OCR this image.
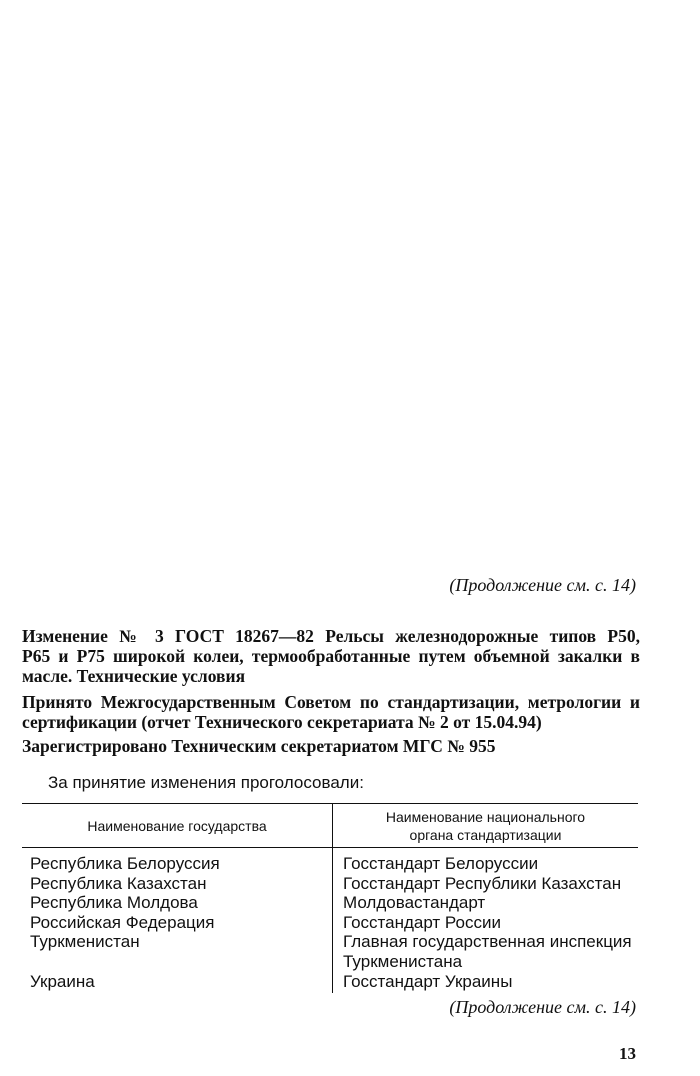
(Продолжение см. с. 14)
Изменение № 3 ГОСТ 18267—82 Рельсы железнодорожные типов Р50,
Р65 и Р75 широкой колеи, термообработанные путем объемной закалки в
масле. Технические условия
Принято Межгосударственным Советом по стандартизации, метрологии и
сертификации (отчет Технического секретариата № 2 от 15.04.94)
Зарегистрировано Техническим секретариатом МГС № 955
За принятие изменения проголосовали:
Наименование государства
Наименование национального
органа стандартизации
Республика Белоруссия
Республика Казахстан
Республика Молдова
Российская Федерация
Туркменистан

Украина
Госстандарт Белоруссии
Госстандарт Республики Казахстан
Молдовастандарт
Госстандарт России
Главная государственная инспекция
Туркменистана
Госстандарт Украины
(Продолжение см. с. 14)
13
